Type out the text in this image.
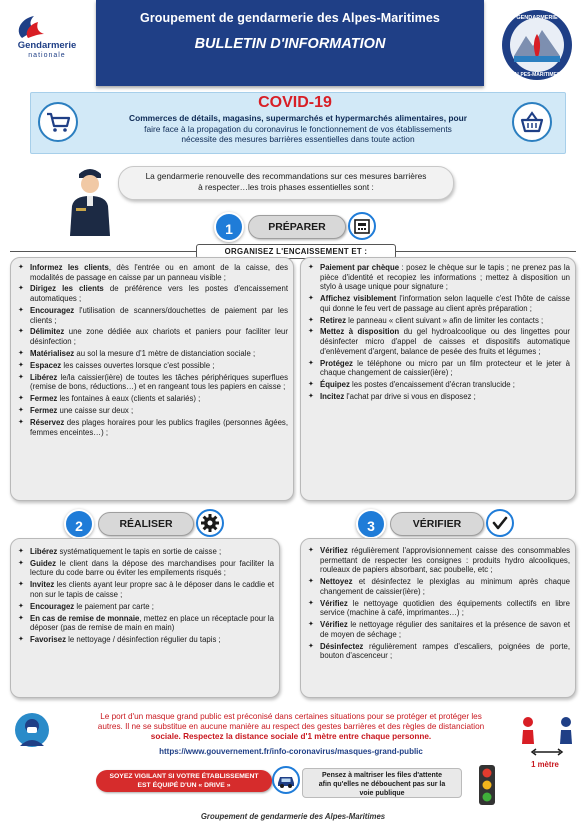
Groupement de gendarmerie des Alpes-Maritimes
BULLETIN D'INFORMATION
Gendarmerie
nationale
GENDARMERIE
ALPES-MARITIMES
COVID-19
Commerces de détails, magasins, supermarchés et hypermarchés alimentaires, pour
faire face à la propagation du coronavirus le fonctionnement de vos établissements
nécessite des mesures barrières essentielles dans toute action
La gendarmerie renouvelle des recommandations sur ces mesures barrières
à respecter…les trois phases essentielles sont :
1	PRÉPARER
ORGANISEZ L'ENCAISSEMENT ET :
✦ Informez les clients, dès l'entrée ou en amont de la caisse, des modalités de passage en caisse par un panneau visible ;
✦ Dirigez les clients de préférence vers les postes d'encaissement automatiques ;
✦ Encouragez l'utilisation de scanners/douchettes de paiement par les clients ;
✦ Délimitez une zone dédiée aux chariots et paniers pour faciliter leur désinfection ;
✦ Matérialisez au sol la mesure d'1 mètre de distanciation sociale ;
✦ Espacez les caisses ouvertes lorsque c'est possible ;
✦ Libérez le/la caissier(ière) de toutes les tâches périphériques superflues (remise de bons, réductions…) et en rangeant tous les papiers en caisse ;
✦ Fermez les fontaines à eaux (clients et salariés) ;
✦ Fermez une caisse sur deux ;
✦ Réservez des plages horaires pour les publics fragiles (personnes âgées, femmes enceintes…) ;
✦ Paiement par chèque : posez le chèque sur le tapis ; ne prenez pas la pièce d'identité et recopiez les informations ; mettez à disposition un stylo à usage unique pour signature ;
✦ Affichez visiblement l'information selon laquelle c'est l'hôte de caisse qui donne le feu vert de passage au client après préparation ;
✦ Retirez le panneau « client suivant » afin de limiter les contacts ;
✦ Mettez à disposition du gel hydroalcoolique ou des lingettes pour désinfecter micro d'appel de caisses et dispositifs automatique d'enlèvement d'argent, balance de pesée des fruits et légumes ;
✦ Protégez le téléphone ou micro par un film protecteur et le jeter à chaque changement de caissier(ière) ;
✦ Équipez les postes d'encaissement d'écran translucide ;
✦ Incitez l'achat par drive si vous en disposez ;
2	RÉALISER	3	VÉRIFIER
✦ Libérez systématiquement le tapis en sortie de caisse ;
✦ Guidez le client dans la dépose des marchandises pour faciliter la lecture du code barre ou éviter les empilements risqués ;
✦ Invitez les clients ayant leur propre sac à le déposer dans le caddie et non sur le tapis de caisse ;
✦ Encouragez le paiement par carte ;
✦ En cas de remise de monnaie, mettez en place un réceptacle pour la déposer (pas de remise de main en main)
✦ Favorisez le nettoyage / désinfection régulier du tapis ;
✦ Vérifiez régulièrement l'approvisionnement caisse des consommables permettant de respecter les consignes : produits hydro alcooliques, rouleaux de papiers absorbant, sac poubelle, etc ;
✦ Nettoyez et désinfectez le plexiglas au minimum après chaque changement de caissier(ière) ;
✦ Vérifiez le nettoyage quotidien des équipements collectifs en libre service (machine à café, imprimantes…) ;
✦ Vérifiez le nettoyage régulier des sanitaires et la présence de savon et de moyen de séchage ;
✦ Désinfectez régulièrement rampes d'escaliers, poignées de porte, bouton d'ascenceur ;
Le port d'un masque grand public est préconisé dans certaines situations pour se protéger et protéger les
autres. Il ne se substitue en aucune manière au respect des gestes barrières et des règles de distanciation
sociale. Respectez la distance sociale d'1 mètre entre chaque personne.
https://www.gouvernement.fr/info-coronavirus/masques-grand-public
1 mètre
SOYEZ VIGILANT SI VOTRE ÉTABLISSEMENT
EST ÉQUIPÉ D'UN « DRIVE »
Pensez à maîtriser les files d'attente
afin qu'elles ne débouchent pas sur la
voie publique
Groupement de gendarmerie des Alpes-Maritimes
